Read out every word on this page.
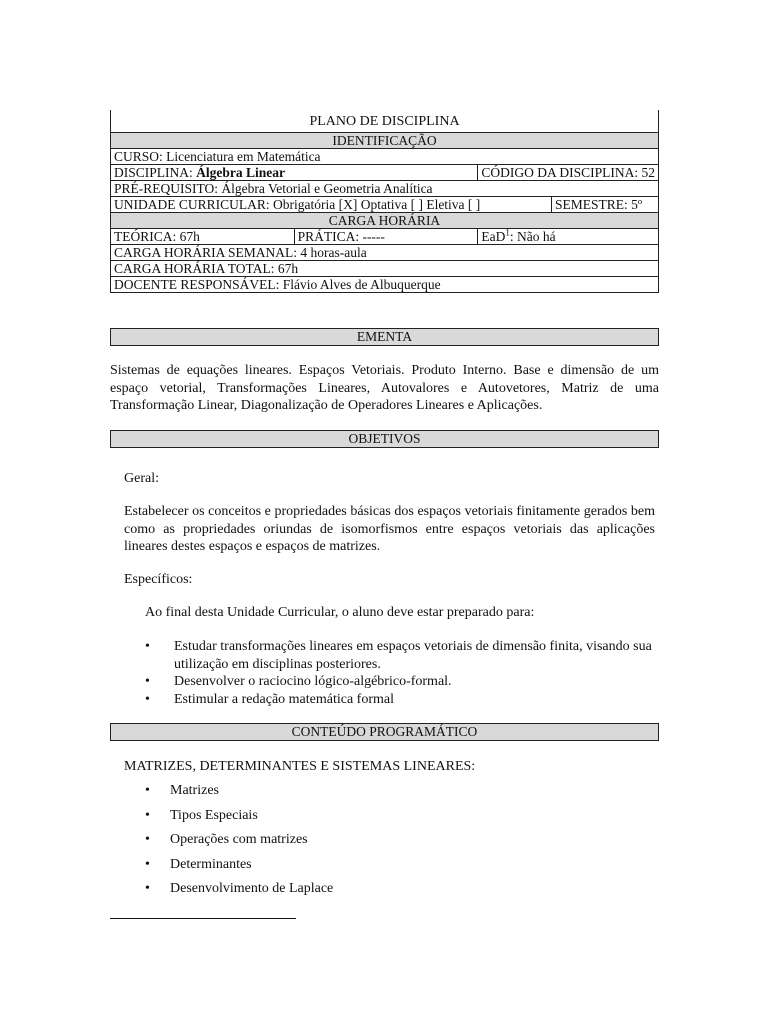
PLANO DE DISCIPLINA			
IDENTIFICAÇÃO			
CURSO: Licenciatura em Matemática			
DISCIPLINA: Álgebra Linear		CÓDIGO DA DISCIPLINA: 52	
PRÉ-REQUISITO: Álgebra Vetorial e Geometria Analítica			
UNIDADE CURRICULAR: Obrigatória [X] Optativa [ ] Eletiva [ ]			SEMESTRE: 5º
CARGA HORÁRIA			
TEÓRICA: 67h	PRÁTICA: -----	EaD$^1$: Não há	
CARGA HORÁRIA SEMANAL: 4 horas-aula			
CARGA HORÁRIA TOTAL: 67h			
DOCENTE RESPONSÁVEL: Flávio Alves de Albuquerque			
EMENTA

Sistemas de equações lineares. Espaços Vetoriais. Produto Interno. Base e dimensão de um espaço vetorial, Transformações Lineares, Autovalores e Autovetores, Matriz de uma Transformação Linear, Diagonalização de Operadores Lineares e Aplicações.

OBJETIVOS

Geral:

Estabelecer os conceitos e propriedades básicas dos espaços vetoriais finitamente gerados bem como as propriedades oriundas de isomorfismos entre espaços vetoriais das aplicações lineares destes espaços e espaços de matrizes.

Específicos:

Ao final desta Unidade Curricular, o aluno deve estar preparado para:

• Estudar transformações lineares em espaços vetoriais de dimensão finita, visando sua utilização em disciplinas posteriores.
• Desenvolver o raciocino lógico-algébrico-formal.
• Estimular a redação matemática formal
CONTEÚDO PROGRAMÁTICO

MATRIZES, DETERMINANTES E SISTEMAS LINEARES:

• Matrizes
• Tipos Especiais
• Operações com matrizes
• Determinantes
• Desenvolvimento de Laplace
